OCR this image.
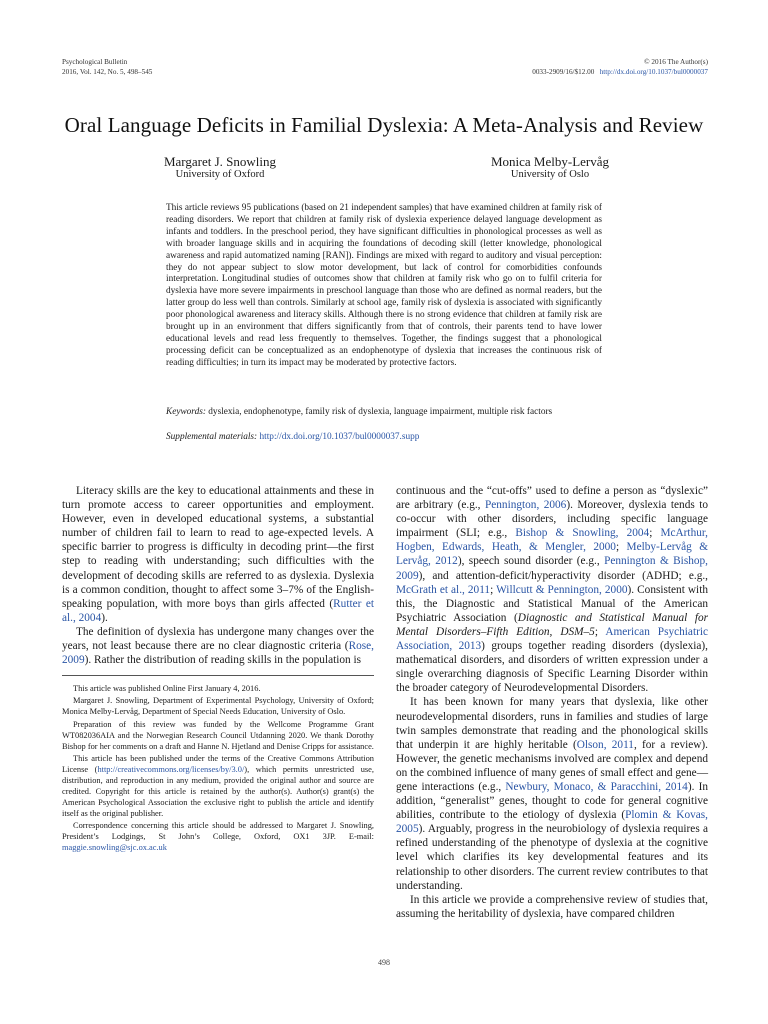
Psychological Bulletin
2016, Vol. 142, No. 5, 498–545
© 2016 The Author(s)
0033-2909/16/$12.00 http://dx.doi.org/10.1037/bul0000037
Oral Language Deficits in Familial Dyslexia: A Meta-Analysis and Review
Margaret J. Snowling
University of Oxford
Monica Melby-Lervåg
University of Oslo
This article reviews 95 publications (based on 21 independent samples) that have examined children at family risk of reading disorders. We report that children at family risk of dyslexia experience delayed language development as infants and toddlers. In the preschool period, they have significant difficulties in phonological processes as well as with broader language skills and in acquiring the foundations of decoding skill (letter knowledge, phonological awareness and rapid automatized naming [RAN]). Findings are mixed with regard to auditory and visual perception: they do not appear subject to slow motor development, but lack of control for comorbidities confounds interpretation. Longitudinal studies of outcomes show that children at family risk who go on to fulfil criteria for dyslexia have more severe impairments in preschool language than those who are defined as normal readers, but the latter group do less well than controls. Similarly at school age, family risk of dyslexia is associated with significantly poor phonological awareness and literacy skills. Although there is no strong evidence that children at family risk are brought up in an environment that differs significantly from that of controls, their parents tend to have lower educational levels and read less frequently to themselves. Together, the findings suggest that a phonological processing deficit can be conceptualized as an endophenotype of dyslexia that increases the continuous risk of reading difficulties; in turn its impact may be moderated by protective factors.
Keywords: dyslexia, endophenotype, family risk of dyslexia, language impairment, multiple risk factors
Supplemental materials: http://dx.doi.org/10.1037/bul0000037.supp

Literacy skills are the key to educational attainments and these in turn promote access to career opportunities and employment. However, even in developed educational systems, a substantial number of children fail to learn to read to age-expected levels. A specific barrier to progress is difficulty in decoding print—the first step to reading with understanding; such difficulties with the development of decoding skills are referred to as dyslexia. Dyslexia is a common condition, thought to affect some 3–7% of the English-speaking population, with more boys than girls affected (Rutter et al., 2004).

The definition of dyslexia has undergone many changes over the years, not least because there are no clear diagnostic criteria (Rose, 2009). Rather the distribution of reading skills in the population is

This article was published Online First January 4, 2016.

Margaret J. Snowling, Department of Experimental Psychology, University of Oxford; Monica Melby-Lervåg, Department of Special Needs Education, University of Oslo.

Preparation of this review was funded by the Wellcome Programme Grant WT082036AIA and the Norwegian Research Council Utdanning 2020. We thank Dorothy Bishop for her comments on a draft and Hanne N. Hjetland and Denise Cripps for assistance.

This article has been published under the terms of the Creative Commons Attribution License (http://creativecommons.org/licenses/by/3.0/), which permits unrestricted use, distribution, and reproduction in any medium, provided the original author and source are credited. Copyright for this article is retained by the author(s). Author(s) grant(s) the American Psychological Association the exclusive right to publish the article and identify itself as the original publisher.

Correspondence concerning this article should be addressed to Margaret J. Snowling, President’s Lodgings, St John’s College, Oxford, OX1 3JP. E-mail: maggie.snowling@sjc.ox.ac.uk

continuous and the “cut-offs” used to define a person as “dyslexic” are arbitrary (e.g., Pennington, 2006). Moreover, dyslexia tends to co-occur with other disorders, including specific language impairment (SLI; e.g., Bishop & Snowling, 2004; McArthur, Hogben, Edwards, Heath, & Mengler, 2000; Melby-Lervåg & Lervåg, 2012), speech sound disorder (e.g., Pennington & Bishop, 2009), and attention-deficit/hyperactivity disorder (ADHD; e.g., McGrath et al., 2011; Willcutt & Pennington, 2000). Consistent with this, the Diagnostic and Statistical Manual of the American Psychiatric Association (Diagnostic and Statistical Manual for Mental Disorders–Fifth Edition, DSM–5; American Psychiatric Association, 2013) groups together reading disorders (dyslexia), mathematical disorders, and disorders of written expression under a single overarching diagnosis of Specific Learning Disorder within the broader category of Neurodevelopmental Disorders.

It has been known for many years that dyslexia, like other neurodevelopmental disorders, runs in families and studies of large twin samples demonstrate that reading and the phonological skills that underpin it are highly heritable (Olson, 2011, for a review). However, the genetic mechanisms involved are complex and depend on the combined influence of many genes of small effect and gene—gene interactions (e.g., Newbury, Monaco, & Paracchini, 2014). In addition, “generalist” genes, thought to code for general cognitive abilities, contribute to the etiology of dyslexia (Plomin & Kovas, 2005). Arguably, progress in the neurobiology of dyslexia requires a refined understanding of the phenotype of dyslexia at the cognitive level which clarifies its key developmental features and its relationship to other disorders. The current review contributes to that understanding.

In this article we provide a comprehensive review of studies that, assuming the heritability of dyslexia, have compared children

498
